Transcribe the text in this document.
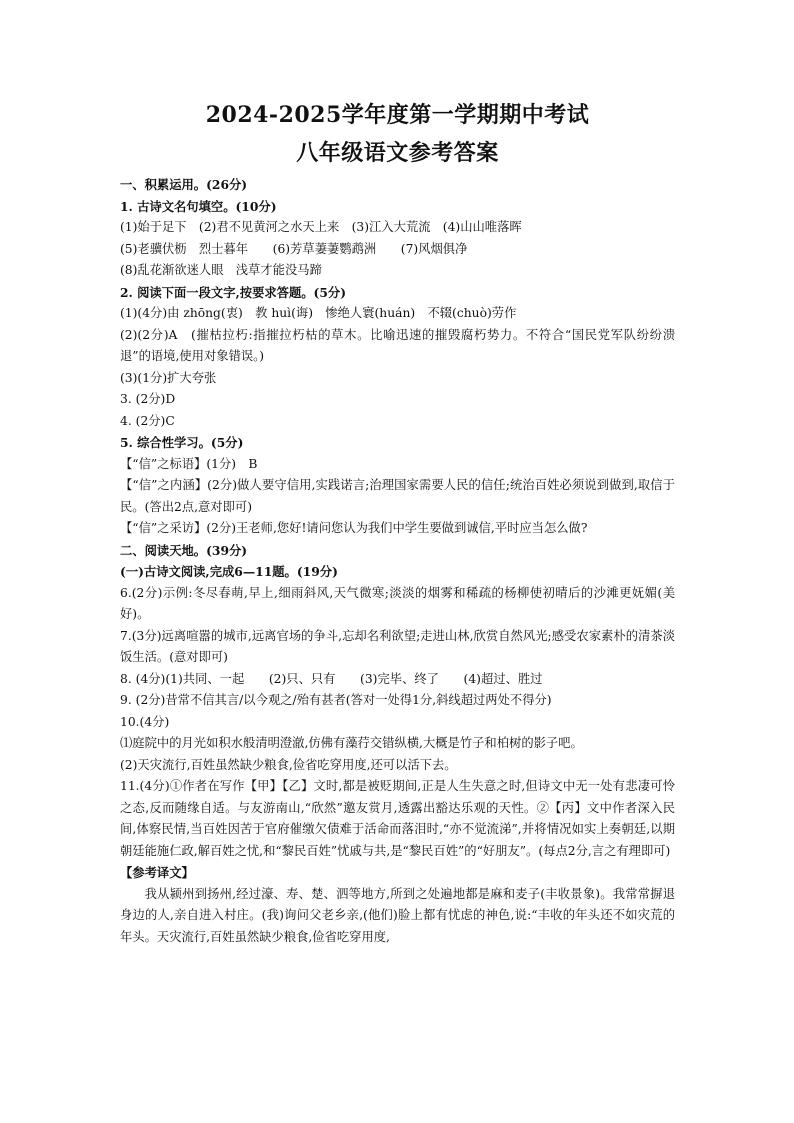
2024-2025学年度第一学期期中考试
八年级语文参考答案
一、积累运用。(26分)
1. 古诗文名句填空。(10分)
(1)始于足下　(2)君不见黄河之水天上来　(3)江入大荒流　(4)山山唯落晖
(5)老骥伏枥　烈士暮年　　(6)芳草萋萋鹦鹉洲　　(7)风烟俱净
(8)乱花渐欲迷人眼　浅草才能没马蹄
2. 阅读下面一段文字,按要求答题。(5分)
(1)(4分)由 zhōng(衷)　教 huì(诲)　惨绝人寰(huán)　不辍(chuò)劳作
(2)(2分)A　(摧枯拉朽:指摧拉朽枯的草木。比喻迅速的摧毁腐朽势力。不符合“国民党军队纷纷溃退”的语境,使用对象错误。)
(3)(1分)扩大夸张
3. (2分)D
4. (2分)C
5. 综合性学习。(5分)
【“信”之标语】(1分)　B
【“信”之内涵】(2分)做人要守信用,实践诺言;治理国家需要人民的信任;统治百姓必须说到做到,取信于民。(答出2点,意对即可)
【“信”之采访】(2分)王老师,您好!请问您认为我们中学生要做到诚信,平时应当怎么做?
二、阅读天地。(39分)
(一)古诗文阅读,完成6—11题。(19分)
6.(2分)示例:冬尽春萌,早上,细雨斜风,天气微寒;淡淡的烟雾和稀疏的杨柳使初晴后的沙滩更妩媚(美好)。
7.(3分)远离喧嚣的城市,远离官场的争斗,忘却名利欲望;走进山林,欣赏自然风光;感受农家素朴的清茶淡饭生活。(意对即可)
8. (4分)(1)共同、一起　　(2)只、只有　　(3)完毕、终了　　(4)超过、胜过
9. (2分)昔常不信其言/以今观之/殆有甚者(答对一处得1分,斜线超过两处不得分)
10.(4分)
⑴庭院中的月光如积水般清明澄澈,仿佛有藻荇交错纵横,大概是竹子和柏树的影子吧。
(2)天灾流行,百姓虽然缺少粮食,俭省吃穿用度,还可以活下去。
11.(4分)①作者在写作【甲】【乙】文时,都是被贬期间,正是人生失意之时,但诗文中无一处有悲凄可怜之态,反而随缘自适。与友游南山,“欣然”邀友赏月,透露出豁达乐观的天性。②【丙】文中作者深入民间,体察民情,当百姓因苦于官府催缴欠债难于活命而落泪时,“亦不觉流涕”,并将情况如实上奏朝廷,以期朝廷能施仁政,解百姓之忧,和“黎民百姓”忧戚与共,是“黎民百姓”的“好朋友”。(每点2分,言之有理即可)
【参考译文】
我从颍州到扬州,经过濠、寿、楚、泗等地方,所到之处遍地都是麻和麦子(丰收景象)。我常常摒退身边的人,亲自进入村庄。(我)询问父老乡亲,(他们)脸上都有忧虑的神色,说:“丰收的年头还不如灾荒的年头。天灾流行,百姓虽然缺少粮食,俭省吃穿用度,
